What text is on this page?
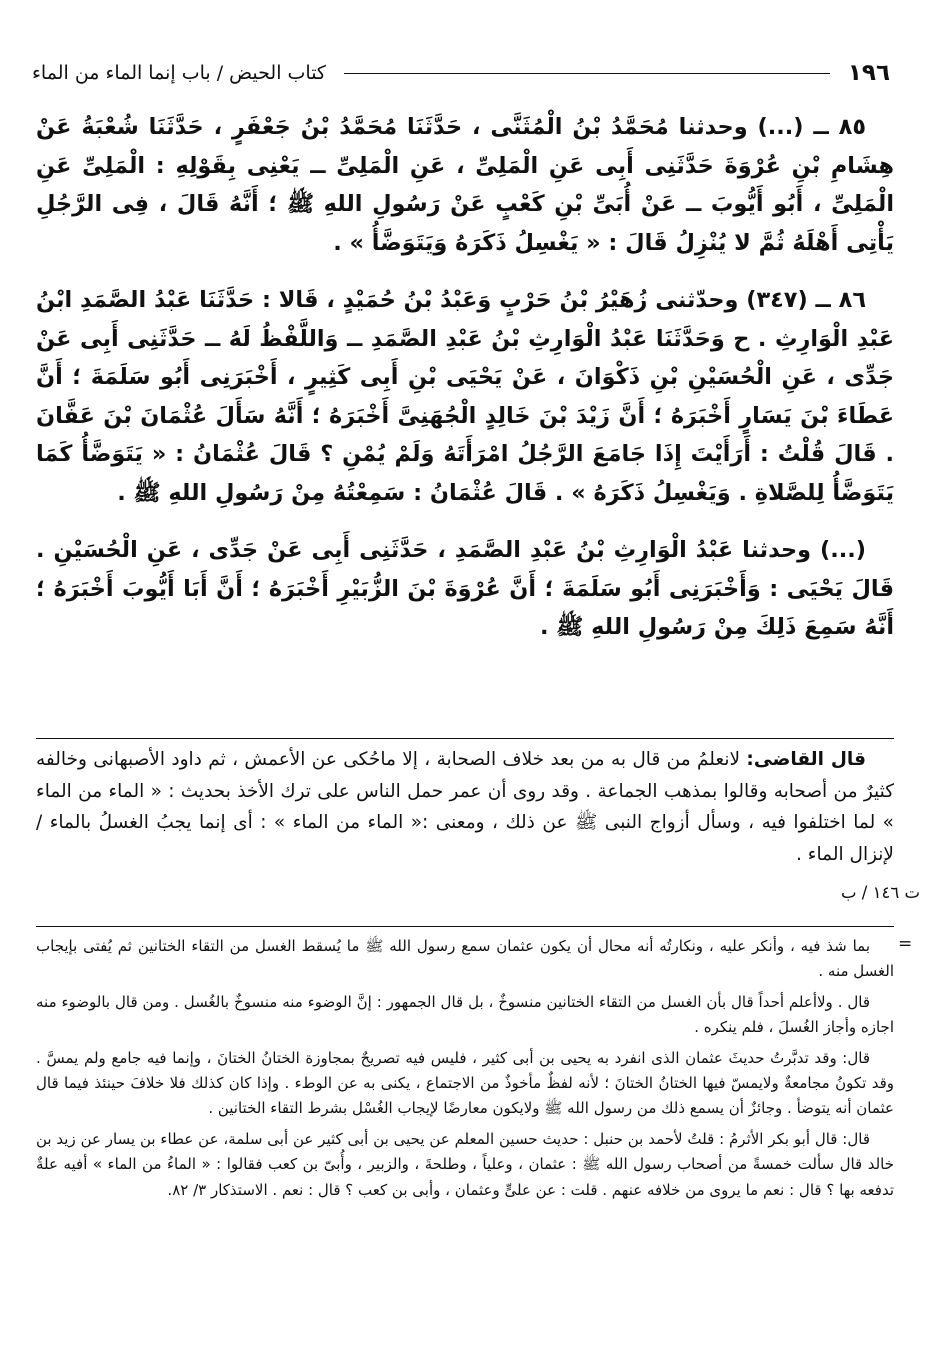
كتاب الحيض / باب إنما الماء من الماء	١٩٦

٨٥ ــ (...) وحدثنا مُحَمَّدُ بْنُ الْمُثَنَّى ، حَدَّثَنَا مُحَمَّدُ بْنُ جَعْفَرٍ ، حَدَّثَنَا شُعْبَةُ عَنْ هِشَامِ بْنِ عُرْوَةَ حَدَّثَنِى أَبِى عَنِ الْمَلِىِّ ، عَنِ الْمَلِىِّ ــ يَعْنِى بِقَوْلِهِ : الْمَلِىِّ عَنِ الْمَلِىِّ ، أَبُو أَيُّوبَ ــ عَنْ أُبَىِّ بْنِ كَعْبٍ عَنْ رَسُولِ اللهِ ﷺ ؛ أَنَّهُ قَالَ ، فِى الرَّجُلِ يَأْتِى أَهْلَهُ ثُمَّ لا يُنْزِلُ قَالَ : « يَغْسِلُ ذَكَرَهُ وَيَتَوَضَّأُ » .

٨٦ ــ (٣٤٧) وحدّثنى زُهَيْرُ بْنُ حَرْبٍ وَعَبْدُ بْنُ حُمَيْدٍ ، قَالا : حَدَّثَنَا عَبْدُ الصَّمَدِ ابْنُ عَبْدِ الْوَارِثِ . ح وَحَدَّثَنَا عَبْدُ الْوَارِثِ بْنُ عَبْدِ الصَّمَدِ ــ وَاللَّفْظُ لَهُ ــ حَدَّثَنِى أَبِى عَنْ جَدِّى ، عَنِ الْحُسَيْنِ بْنِ ذَكْوَانَ ، عَنْ يَحْيَى بْنِ أَبِى كَثِيرٍ ، أَخْبَرَنِى أَبُو سَلَمَةَ ؛ أَنَّ عَطَاءَ بْنَ يَسَارٍ أَخْبَرَهُ ؛ أَنَّ زَيْدَ بْنَ خَالِدٍ الْجُهَنِىَّ أَخْبَرَهُ ؛ أَنَّهُ سَأَلَ عُثْمَانَ بْنَ عَفَّانَ . قَالَ قُلْتُ : أَرَأَيْتَ إِذَا جَامَعَ الرَّجُلُ امْرَأَتَهُ وَلَمْ يُمْنِ ؟ قَالَ عُثْمَانُ : « يَتَوَضَّأُ كَمَا يَتَوَضَّأُ لِلصَّلاةِ . وَيَغْسِلُ ذَكَرَهُ » . قَالَ عُثْمَانُ : سَمِعْتُهُ مِنْ رَسُولِ اللهِ ﷺ .

(...) وحدثنا عَبْدُ الْوَارِثِ بْنُ عَبْدِ الصَّمَدِ ، حَدَّثَنِى أَبِى عَنْ جَدِّى ، عَنِ الْحُسَيْنِ . قَالَ يَحْيَى : وَأَخْبَرَنِى أَبُو سَلَمَةَ ؛ أَنَّ عُرْوَةَ بْنَ الزُّبَيْرِ أَخْبَرَهُ ؛ أَنَّ أَبَا أَيُّوبَ أَخْبَرَهُ ؛ أَنَّهُ سَمِعَ ذَلِكَ مِنْ رَسُولِ اللهِ ﷺ .

قال القاضى: لانعلمُ من قال به من بعد خلاف الصحابة ، إلا ماحُكى عن الأعمش ، ثم داود الأصبهانى وخالفه كثيرٌ من أصحابه وقالوا بمذهب الجماعة . وقد روى أن عمر حمل الناس على ترك الأخذ بحديث : « الماء من الماء » لما اختلفوا فيه ، وسأل أزواج النبى ﷺ عن ذلك ، ومعنى :« الماء من الماء » : أى إنما يجبُ الغسلُ بالماء / لإنزال الماء .

ت ١٤٦ / ب
=

بما شذ فيه ، وأنكر عليه ، ونكارتُه أنه محال أن يكون عثمان سمع رسول الله ﷺ ما يُسقط الغسل من التقاء الختانين ثم يُفتى بإيجاب الغسل منه .

قال . ولاأعلم أحداً قال بأن الغسل من التقاء الختانين منسوخٌ ، بل قال الجمهور : إنَّ الوضوء منه منسوخٌ بالغُسل . ومن قال بالوضوء منه اجازه وأجاز الغُسلَ ، فلم ينكره .

قال: وقد تدبَّرتُ حديثَ عثمان الذى انفرد به يحيى بن أبى كثير ، فليس فيه تصريحٌ بمجاوزة الختانُ الختانَ ، وإنما فيه جامع ولم يمسَّ . وقد تكونُ مجامعةٌ ولايمسّ فيها الختانُ الختانَ ؛ لأنه لفظٌ مأخوذٌ من الاجتماع ، يكنى به عن الوطء . وإذا كان كذلك فلا خلافَ حينئذ فيما قال عثمان أنه يتوضأ . وجائزٌ أن يسمع ذلك من رسول الله ﷺ ولايكون معارضًا لإيجاب الغُسْل بشرط التقاء الختانين .

قال: قال أبو بكر الأثرمُ : قلتُ لأحمد بن حنبل : حديث حسين المعلم عن يحيى بن أبى كثير عن أبى سلمة، عن عطاء بن يسار عن زيد بن خالد قال سألت خمسةً من أصحاب رسول الله ﷺ : عثمان ، وعلياً ، وطلحةَ ، والزبير ، وأُبىّ بن كعب فقالوا : « الماءُ من الماء » أفيه علةٌ تدفعه بها ؟ قال : نعم ما يروى من خلافه عنهم . قلت : عن علىٍّ وعثمان ، وأبى بن كعب ؟ قال : نعم . الاستذكار ٣/ ٨٢.
